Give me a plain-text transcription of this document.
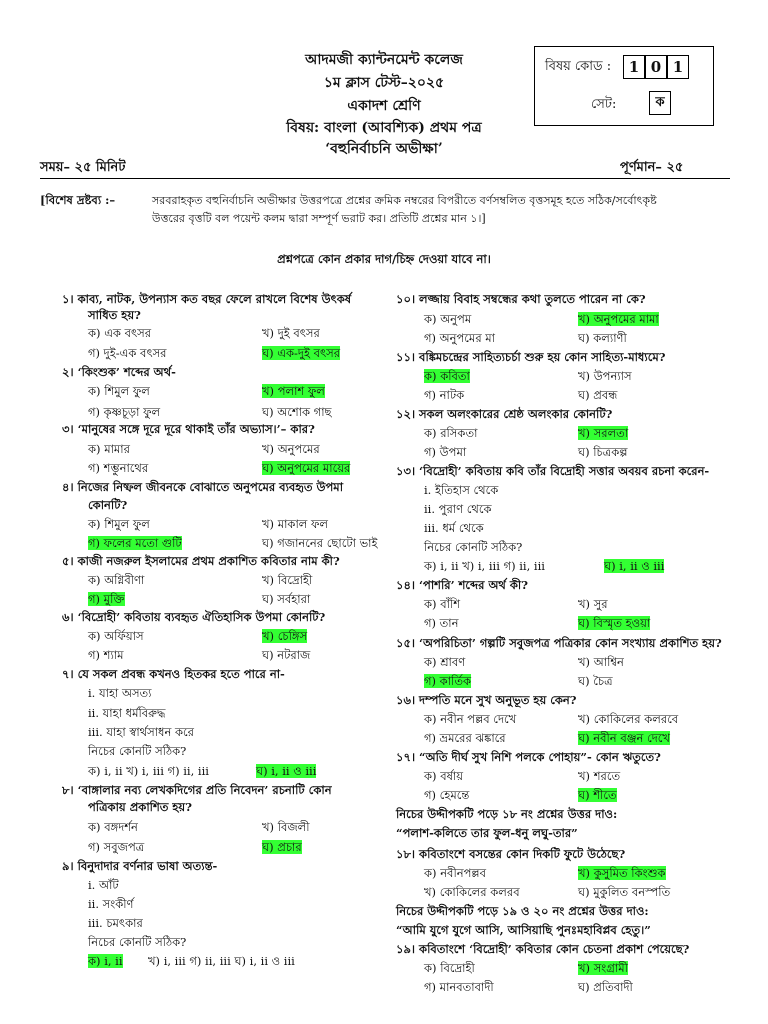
আদমজী ক্যান্টনমেন্ট কলেজ
১ম ক্লাস টেস্ট–২০২৫
একাদশ শ্রেণি
বিষয়: বাংলা (আবশ্যিক) প্রথম পত্র
‘বহুনির্বাচনি অভীক্ষা’
বিষয় কোড :	1 0 1
সেট:	ক
সময়– ২৫ মিনিট	পূর্ণমান– ২৫
[বিশেষ দ্রষ্টব্য :–	সরবরাহকৃত বহুনির্বাচনি অভীক্ষার উত্তরপত্রে প্রশ্নের ক্রমিক নম্বরের বিপরীতে বর্ণসম্বলিত বৃত্তসমূহ হতে সঠিক/সর্বোৎকৃষ্ট
উত্তরের বৃত্তটি বল পয়েন্ট কলম দ্বারা সম্পূর্ণ ভরাট কর। প্রতিটি প্রশ্নের মান ১।]
প্রশ্নপত্রে কোন প্রকার দাগ/চিহ্ন দেওয়া যাবে না।
১। কাব্য, নাটক, উপন্যাস কত বছর ফেলে রাখলে বিশেষ উৎকর্ষ
সাধিত হয়?
ক) এক বৎসর	খ) দুই বৎসর
গ) দুই-এক বৎসর	ঘ) এক-দুই বৎসর
২। ‘কিংশুক’ শব্দের অর্থ-
ক) শিমুল ফুল	খ) পলাশ ফুল
গ) কৃষ্ণচূড়া ফুল	ঘ) অশোক গাছ
৩। ‘মানুষের সঙ্গে দূরে দূরে থাকাই তাঁর অভ্যাস।’– কার?
ক) মামার	খ) অনুপমের
গ) শম্ভুনাথের	ঘ) অনুপমের মায়ের
৪। নিজের নিষ্ফল জীবনকে বোঝাতে অনুপমের ব্যবহৃত উপমা
কোনটি?
ক) শিমুল ফুল	খ) মাকাল ফল
গ) ফলের মতো গুটি	ঘ) গজাননের ছোটো ভাই
৫। কাজী নজরুল ইসলামের প্রথম প্রকাশিত কবিতার নাম কী?
ক) অগ্নিবীণা	খ) বিদ্রোহী
গ) মুক্তি	ঘ) সর্বহারা
৬। ‘বিদ্রোহী’ কবিতায় ব্যবহৃত ঐতিহাসিক উপমা কোনটি?
ক) অর্ফিয়াস	খ) চেঙ্গিস
গ) শ্যাম	ঘ) নটরাজ
৭। যে সকল প্রবন্ধ কখনও হিতকর হতে পারে না-
i. যাহা অসত্য
ii. যাহা ধর্মবিরুদ্ধ
iii. যাহা স্বার্থসাধন করে
নিচের কোনটি সঠিক?
ক) i, ii খ) i, iii গ) ii, iii	ঘ) i, ii ও iii
৮। ‘বাঙ্গালার নব্য লেখকদিগের প্রতি নিবেদন’ রচনাটি কোন
পত্রিকায় প্রকাশিত হয়?
ক) বঙ্গদর্শন	খ) বিজলী
গ) সবুজপত্র	ঘ) প্রচার
৯। বিনুদাদার বর্ণনার ভাষা অত্যন্ত-
i. আঁট
ii. সংকীর্ণ
iii. চমৎকার
নিচের কোনটি সঠিক?
ক) i, ii খ) i, iii গ) ii, iii ঘ) i, ii ও iii
১০। লজ্জায় বিবাহ সম্বন্ধের কথা তুলতে পারেন না কে?
ক) অনুপম	খ) অনুপমের মামা
গ) অনুপমের মা	ঘ) কল্যাণী
১১। বঙ্কিমচন্দ্রের সাহিত্যচর্চা শুরু হয় কোন সাহিত্য-মাধ্যমে?
ক) কবিতা	খ) উপন্যাস
গ) নাটক	ঘ) প্রবন্ধ
১২। সকল অলংকারের শ্রেষ্ঠ অলংকার কোনটি?
ক) রসিকতা	খ) সরলতা
গ) উপমা	ঘ) চিত্রকল্প
১৩। ‘বিদ্রোহী’ কবিতায় কবি তাঁর বিদ্রোহী সত্তার অবয়ব রচনা করেন-
i. ইতিহাস থেকে
ii. পুরাণ থেকে
iii. ধর্ম থেকে
নিচের কোনটি সঠিক?
ক) i, ii খ) i, iii গ) ii, iii	ঘ) i, ii ও iii
১৪। ‘পাশরি’ শব্দের অর্থ কী?
ক) বাঁশি	খ) সুর
গ) তান	ঘ) বিস্মৃত হওয়া
১৫। ‘অপরিচিতা’ গল্পটি সবুজপত্র পত্রিকার কোন সংখ্যায় প্রকাশিত হয়?
ক) শ্রাবণ	খ) আশ্বিন
গ) কার্তিক	ঘ) চৈত্র
১৬। দম্পতি মনে সুখ অনুভূত হয় কেন?
ক) নবীন পল্লব দেখে	খ) কোকিলের কলরবে
গ) ভ্রমরের ঝঙ্কারে	ঘ) নবীন বঞ্জন দেখে
১৭। “অতি দীর্ঘ সুখ নিশি পলকে পোহায়”- কোন ঋতুতে?
ক) বর্ষায়	খ) শরতে
গ) হেমন্তে	ঘ) শীতে
নিচের উদ্দীপকটি পড়ে ১৮ নং প্রশ্নের উত্তর দাও:
“পলাশ-কলিতে তার ফুল-ধনু লঘু-তার”
১৮। কবিতাংশে বসন্তের কোন দিকটি ফুটে উঠেছে?
ক) নবীনপল্লব	খ) কুসুমিত কিংশুক
খ) কোকিলের কলরব	ঘ) মুকুলিত বনস্পতি
নিচের উদ্দীপকটি পড়ে ১৯ ও ২০ নং প্রশ্নের উত্তর দাও:
“আমি যুগে যুগে আসি, আসিয়াছি পুনঃমহাবিপ্লব হেতু।”
১৯। কবিতাংশে ‘বিদ্রোহী’ কবিতার কোন চেতনা প্রকাশ পেয়েছে?
ক) বিদ্রোহী	খ) সংগ্রামী
গ) মানবতাবাদী	ঘ) প্রতিবাদী
